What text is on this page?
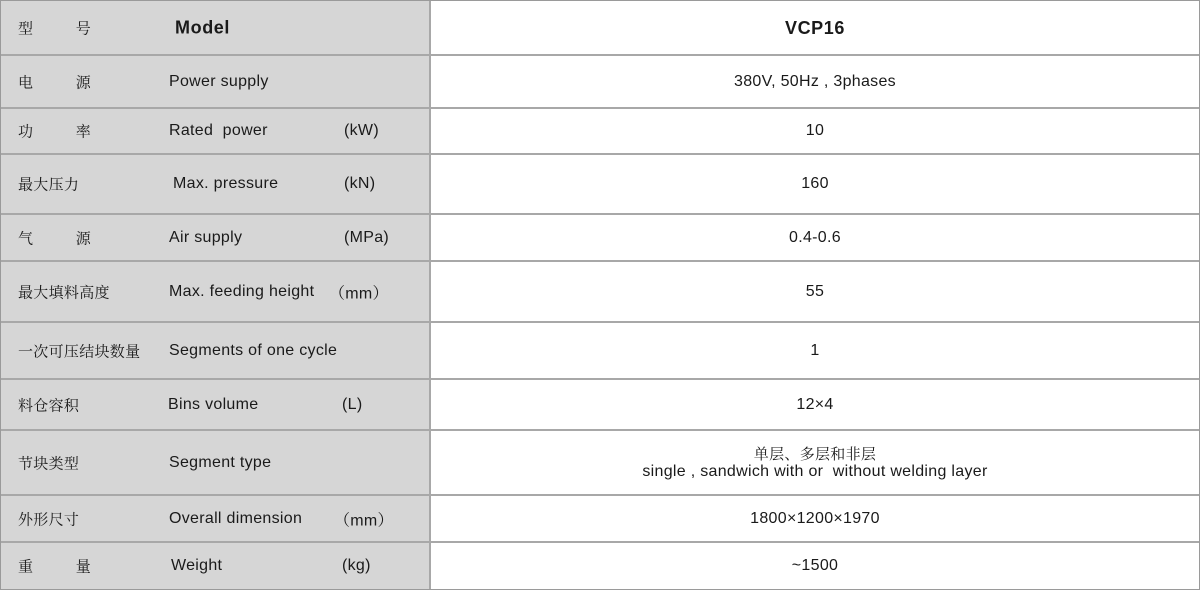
型	号	Model	VCP16
电	源	Power supply	380V, 50Hz , 3phases
功	率	Rated  power	(kW)	10
最大压力	Max. pressure	(kN)	160
气	源	Air supply	(MPa)	0.4-0.6
最大填料高度	Max. feeding height （mm）	55
一次可压结块数量 Segments of one cycle	1
料仓容积	Bins volume	(L)	12×4
节块类型	Segment type	单层、多层和非层
single , sandwich with or  without welding layer
外形尺寸	Overall dimension （mm）	1800×1200×1970
重	量	Weight	(kg)	~1500
